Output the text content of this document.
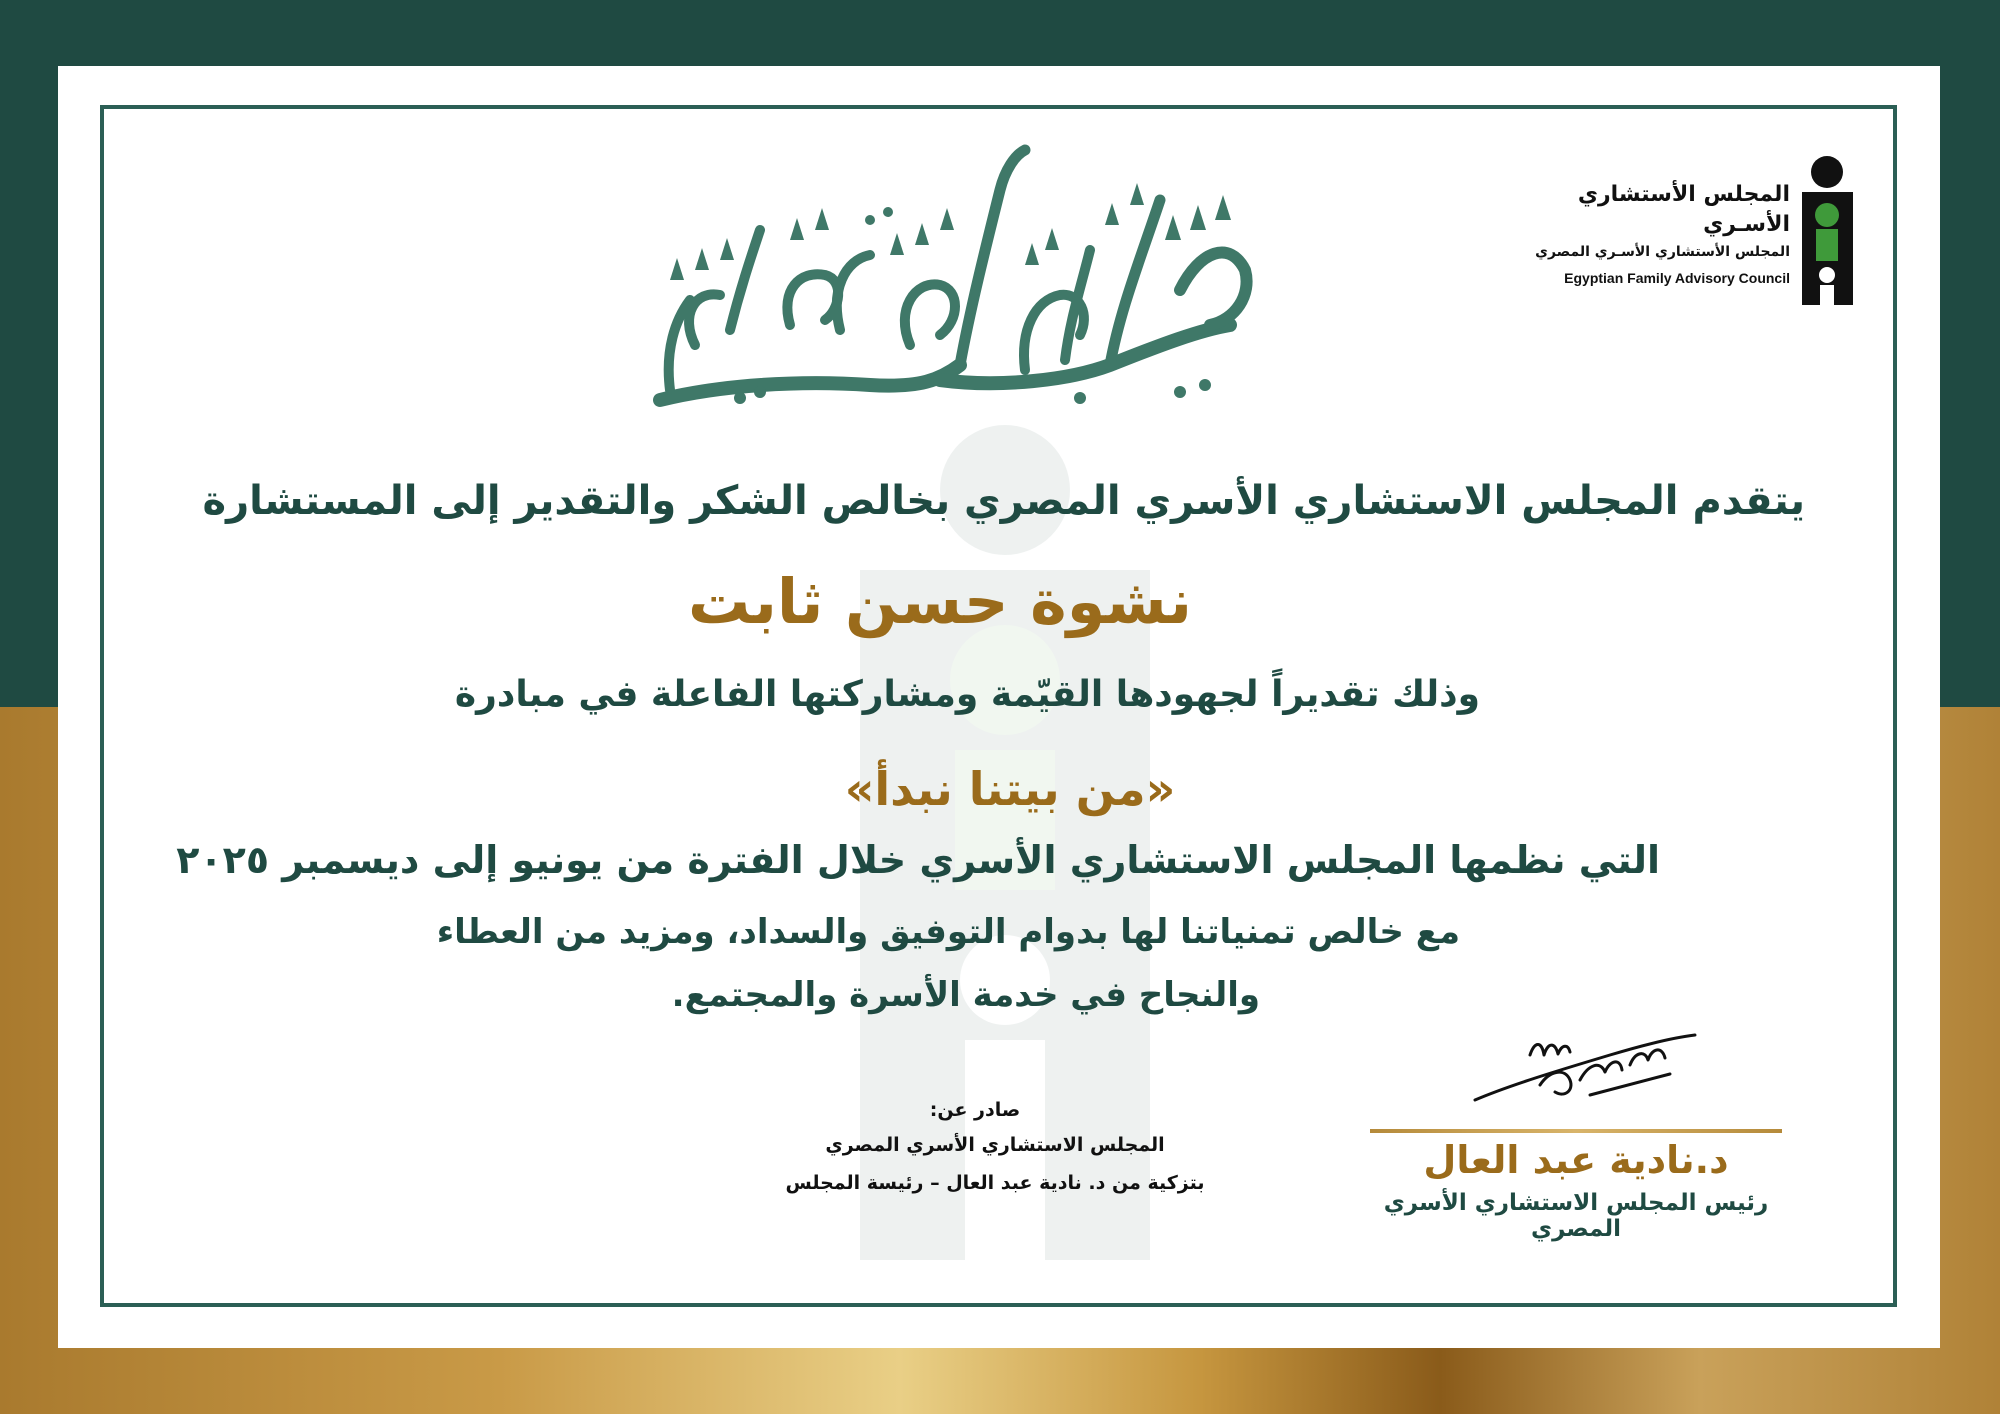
المجلس الأستشاري الأسـري
المجلس الأستشاري الأسـري المصري
Egyptian Family Advisory Council
يتقدم المجلس الاستشاري الأسري المصري بخالص الشكر والتقدير إلى المستشارة
نشوة حسن ثابت
وذلك تقديراً لجهودها القيّمة ومشاركتها الفاعلة في مبادرة
«من بيتنا نبدأ»
التي نظمها المجلس الاستشاري الأسري خلال الفترة من يونيو إلى ديسمبر ٢٠٢٥
مع خالص تمنياتنا لها بدوام التوفيق والسداد، ومزيد من العطاء
والنجاح في خدمة الأسرة والمجتمع.
صادر عن:
المجلس الاستشاري الأسري المصري
بتزكية من د. نادية عبد العال – رئيسة المجلس
د.نادية عبد العال
رئيس المجلس الاستشاري الأسري المصري
